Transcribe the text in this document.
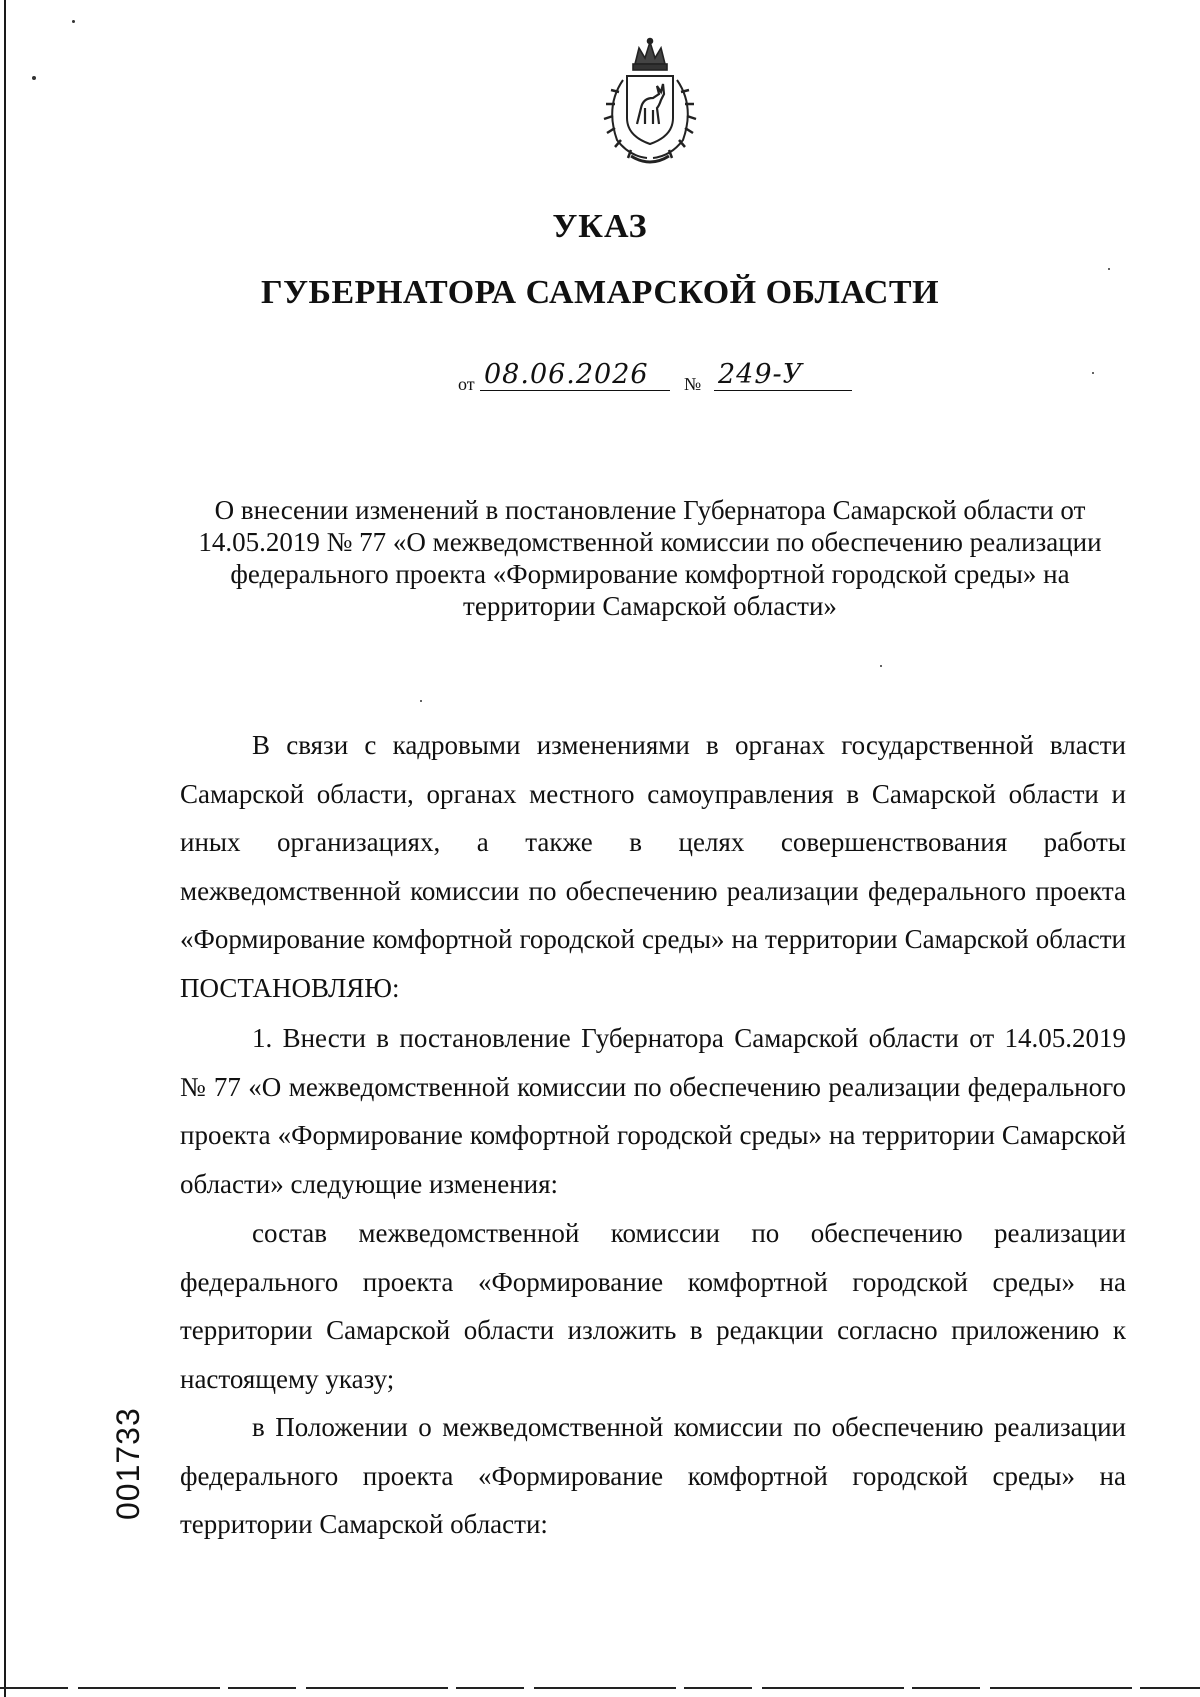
УКАЗ
ГУБЕРНАТОРА САМАРСКОЙ ОБЛАСТИ
от 08.06.2026	№ 249-У

О внесении изменений в постановление Губернатора Самарской области от 14.05.2019 № 77 «О межведомственной комиссии по обеспечению реализации федерального проекта «Формирование комфортной городской среды» на территории Самарской области»

В связи с кадровыми изменениями в органах государственной власти Самарской области, органах местного самоуправления в Самарской области и иных организациях, а также в целях совершенствования работы межведомственной комиссии по обеспечению реализации федерального проекта «Формирование комфортной городской среды» на территории Самарской области ПОСТАНОВЛЯЮ:

1. Внести в постановление Губернатора Самарской области от 14.05.2019 № 77 «О межведомственной комиссии по обеспечению реализации федерального проекта «Формирование комфортной городской среды» на территории Самарской области» следующие изменения:

состав межведомственной комиссии по обеспечению реализации федерального проекта «Формирование комфортной городской среды» на территории Самарской области изложить в редакции согласно приложению к настоящему указу;

в Положении о межведомственной комиссии по обеспечению реализации федерального проекта «Формирование комфортной городской среды» на территории Самарской области:

001733
